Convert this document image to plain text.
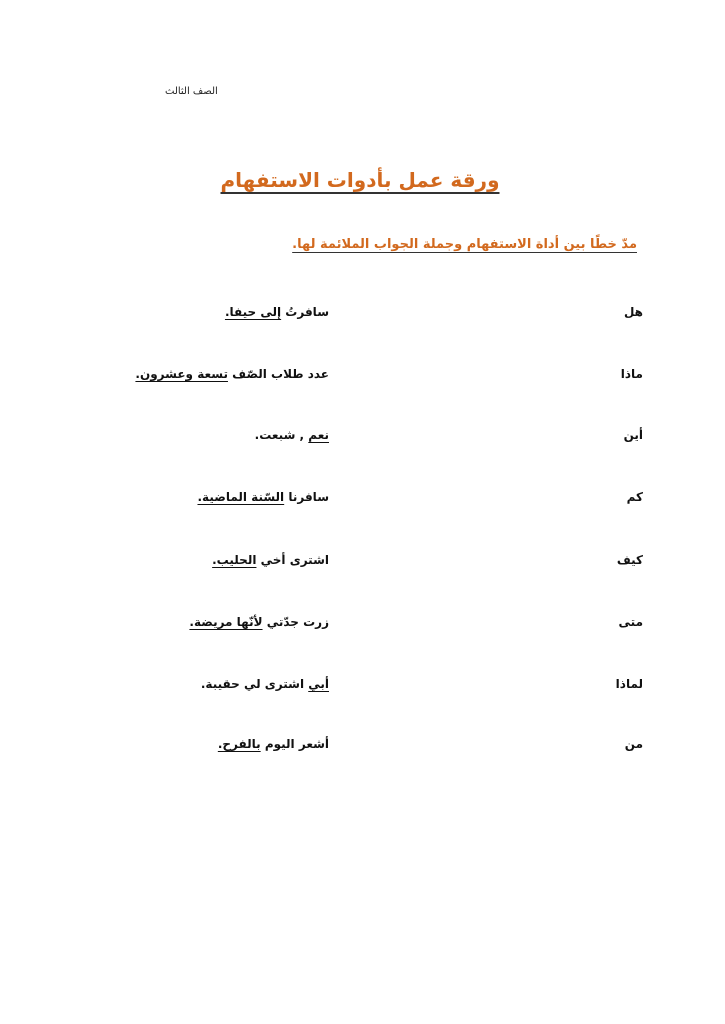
الصف الثالث
ورقة عمل بأدوات الاستفهام
مدّ خطًا بين أداة الاستفهام وجملة الجواب الملائمة لها.
هل
سافرتُ إلى حيفا.
ماذا
عدد طلاب الصّف تسعة وعشرون.
أين
نعم , شبعت.
كم
سافرنا السّنة الماضية.
كيف
اشترى أخي الحليب.
متى
زرت جدّتي لأنّها مريضة.
لماذا
أبي اشترى لي حقيبة.
من
أشعر اليوم بالفرح.
